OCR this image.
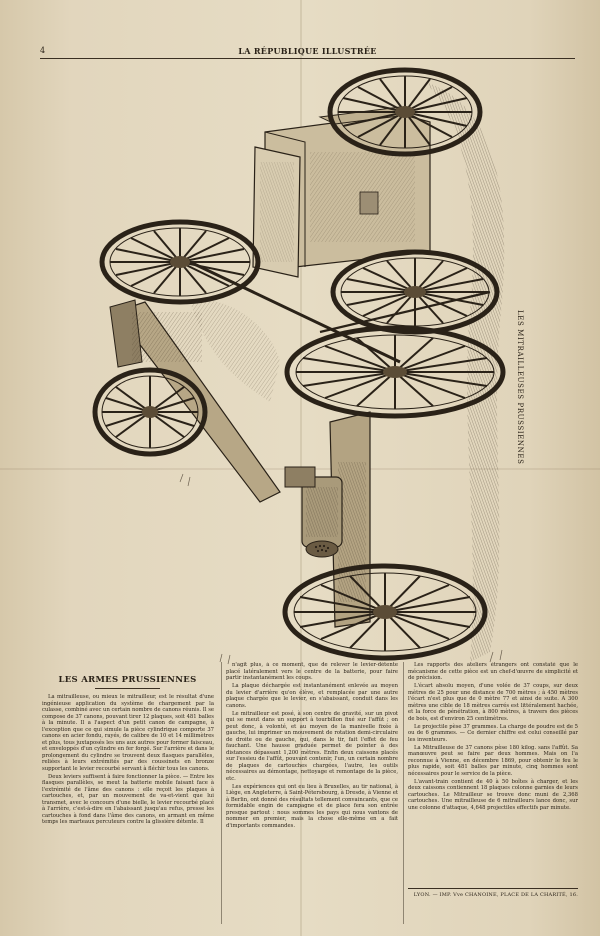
4	LA RÉPUBLIQUE ILLUSTRÉE
LES MITRAILLEUSES PRUSSIENNES
LES ARMES PRUSSIENNES

La mitrailleuse, ou mieux le mitrailleur, est le résultat d'une ingénieuse application du système de chargement par la culasse, combiné avec un certain nombre de canons réunis. Il se compose de 37 canons, pouvant tirer 12 plaques, soit 481 balles à la minute. Il a l'aspect d'un petit canon de campagne, à l'exception que ce qui simule la pièce cylindrique comporte 37 canons en acier fondu, rayés, de calibre de 10 et 14 millimètres et plus, tous juxtaposés les uns aux autres pour former faisceau, et enveloppés d'un cylindre en fer forgé. Sur l'arrière et dans le prolongement du cylindre se trouvent deux flasques parallèles, reliées à leurs extrémités par des coussinets en bronze supportant le levier recourbé servant à fléchir tous les canons.

Deux leviers suffisent à faire fonctionner la pièce. — Entre les flasques parallèles, se meut la batterie mobile faisant face à l'extrémité de l'âme des canons : elle reçoit les plaques à cartouches, et, par un mouvement de va-et-vient que lui transmet, avec le concours d'une bielle, le levier recourbé placé à l'arrière, c'est-à-dire en l'abaissant jusqu'au refus, presse les cartouches à fond dans l'âme des canons, en armant en même temps les marteaux percuteurs contre la glissière détente. Il

n'agit plus, à ce moment, que de relever le levier-détente placé latéralement vers le centre de la batterie, pour faire partir instantanément les coups.

La plaque déchargée est instantanément enlevée au moyen du levier d'arrière qu'on élève, et remplacée par une autre plaque chargée que le levier, en s'abaissant, conduit dans les canons.

Le mitrailleur est posé, à son centre de gravité, sur un pivot qui se meut dans un support à tourbillon fixé sur l'affût ; on peut donc, à volonté, et au moyen de la manivelle fixée à gauche, lui imprimer un mouvement de rotation demi-circulaire de droite ou de gauche, qui, dans le tir, fait l'effet de feu fauchant. Une hausse graduée permet de pointer à des distances dépassant 1,200 mètres. Enfin deux caissons placés sur l'essieu de l'affût, pouvant contenir, l'un, un certain nombre de plaques de cartouches chargées, l'autre, les outils nécessaires au démontage, nettoyage et remontage de la pièce, etc.

Les expériences qui ont eu lieu à Bruxelles, au tir national, à Liège, en Angleterre, à Saint-Pétersbourg, à Dresde, à Vienne et à Berlin, ont donné des résultats tellement convaincants, que ce formidable engin de campagne et de place fera son entrée presque partout : nous sommes les pays qui nous vantons de nommer en premier, mais la chose elle-même en a fait d'importants commandes.

Les rapports des ateliers étrangers ont constaté que le mécanisme de cette pièce est un chef-d'œuvre de simplicité et de précision.

L'écart absolu moyen, d'une volée de 37 coups, sur deux mètres de 25 pour une distance de 700 mètres ; à 450 mètres l'écart n'est plus que de 0 mètre 77 et ainsi de suite. A 300 mètres une cible de 18 mètres carrés est littéralement hachée, et la force de pénétration, à 800 mètres, à travers des pièces de bois, est d'environ 25 centimètres.

Le projectile pèse 37 grammes. La charge de poudre est de 5 ou de 6 grammes. — Ce dernier chiffre est celui conseillé par les inventeurs.

La Mitrailleuse de 37 canons pèse 180 kilog. sans l'affût. Sa manœuvre peut se faire par deux hommes. Mais on l'a reconnue à Vienne, en décembre 1869, pour obtenir le feu le plus rapide, soit 481 balles par minute, cinq hommes sont nécessaires pour le service de la pièce.

L'avant-train contient de 40 à 50 boîtes à charger, et les deux caissons contiennent 18 plaques colonne garnies de leurs cartouches. Le Mitrailleur se trouve donc muni de 2,368 cartouches. Une mitrailleuse de 6 mitrailleurs lance donc, sur une colonne d'attaque, 4,648 projectiles effectifs par minute.

LYON. — IMP. Vve CHANOINE, PLACE DE LA CHARITÉ, 16.
